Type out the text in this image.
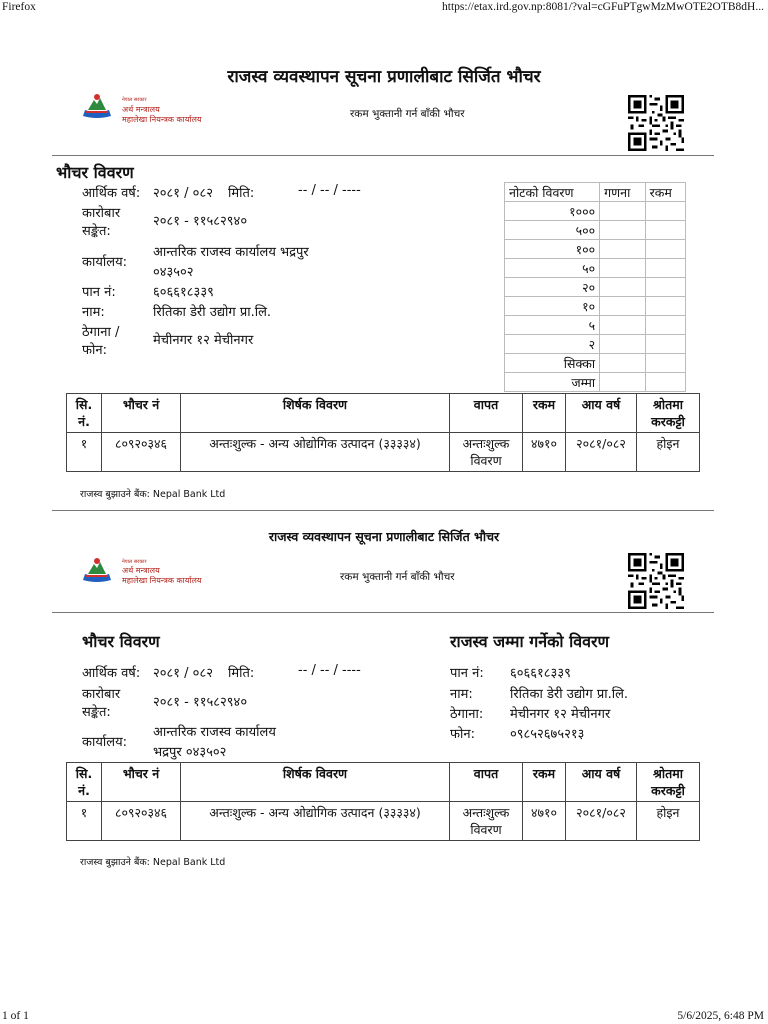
Firefox	https://etax.ird.gov.np:8081/?val=cGFuPTgwMzMwOTE2OTB8dH...
1 of 1	5/6/2025, 6:48 PM
राजस्व व्यवस्थापन सूचना प्रणालीबाट सिर्जित भौचर
नेपाल सरकार
अर्थ मन्त्रालय
महालेखा नियन्त्रक कार्यालय	रकम भुक्तानी गर्न बाँकी भौचर
भौचर विवरण
आर्थिक वर्ष: २०८१ / ०८२ मिति:	-- / -- / ----
कारोबार
सङ्केत:
२०८१ - ११५८२९४०
कार्यालय:
आन्तरिक राजस्व कार्यालय भद्रपुर
०४३५०२
पान नं:	६०६६१८३३९
नाम:	रितिका डेरी उद्योग प्रा.लि.
ठेगाना /
फोन:
मेचीनगर १२ मेचीनगर
नोटको विवरण	गणना	रकम
१०००		
५००		
१००		
५०		
२०		
१०		
५		
२		
सिक्का		
जम्मा		
सि. नं.	भौचर नं	शिर्षक विवरण	वापत	रकम	आय वर्ष	श्रोतमा करकट्टी
१	८०९२०३४६	अन्तःशुल्क - अन्य ओद्योगिक उत्पादन (३३३३४)	अन्तःशुल्क विवरण	४७१०	२०८१/०८२	होइन
राजस्व बुझाउने बैंक: Nepal Bank Ltd
राजस्व व्यवस्थापन सूचना प्रणालीबाट सिर्जित भौचर
नेपाल सरकार
अर्थ मन्त्रालय
महालेखा नियन्त्रक कार्यालय	रकम भुक्तानी गर्न बाँकी भौचर
भौचर विवरण	राजस्व जम्मा गर्नेको विवरण
आर्थिक वर्ष: २०८१ / ०८२ मिति:	-- / -- / ----
कारोबार
सङ्केत:
२०८१ - ११५८२९४०
कार्यालय:
आन्तरिक राजस्व कार्यालय
भद्रपुर ०४३५०२
पान नं: ६०६६१८३३९
नाम:	रितिका डेरी उद्योग प्रा.लि.
ठेगाना: मेचीनगर १२ मेचीनगर
फोन:	०९८५२६७५२१३
सि. नं.	भौचर नं	शिर्षक विवरण	वापत	रकम	आय वर्ष	श्रोतमा करकट्टी
१	८०९२०३४६	अन्तःशुल्क - अन्य ओद्योगिक उत्पादन (३३३३४)	अन्तःशुल्क विवरण	४७१०	२०८१/०८२	होइन
राजस्व बुझाउने बैंक: Nepal Bank Ltd
